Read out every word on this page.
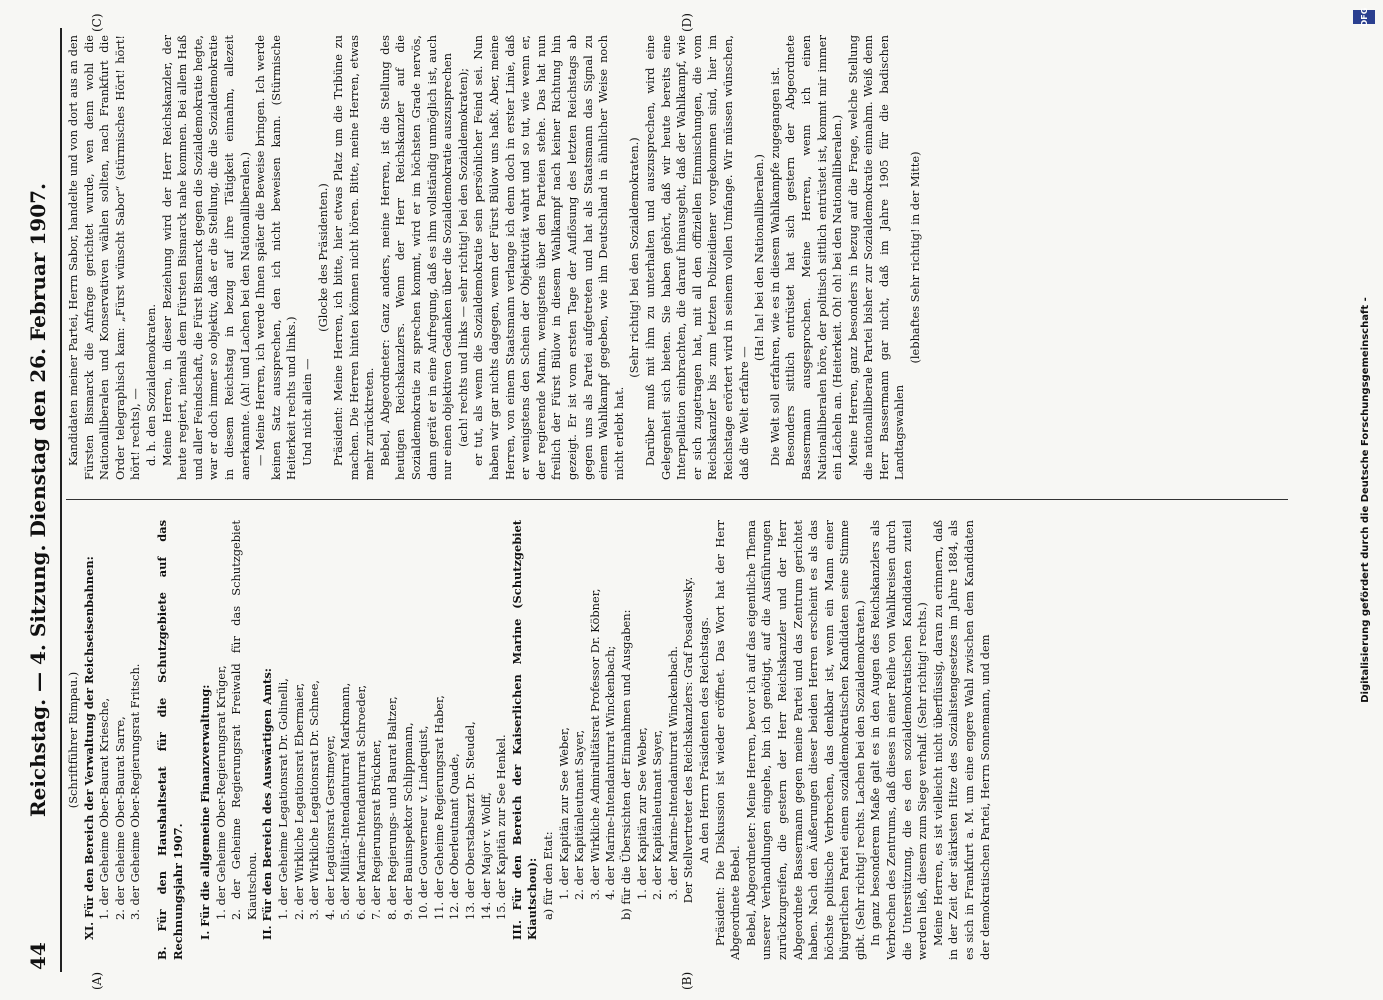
44
Reichstag. — 4. Sitzung. Dienstag den 26. Februar 1907.
(A)	(B)
(C)	(D)

(Schriftführer Rimpau.) XI. Für den Bereich der Verwaltung der Reichseisenbahnen: 1. der Geheime Ober-Baurat Kriesche, 2. der Geheime Ober-Baurat Sarre, 3. der Geheime Ober-Regierungsrat Fritsch. B. Für den Haushaltsetat für die Schutzgebiete auf das Rechnungsjahr 1907. I. Für die allgemeine Finanzverwaltung: 1. der Geheime Ober-Regierungsrat Krüger, 2. der Geheime Regierungsrat Freiwald für das Schutzgebiet Kiautschou. II. Für den Bereich des Auswärtigen Amts: 1. der Geheime Legationsrat Dr. Golinelli, 2. der Wirkliche Legationsrat Ebermaier, 3. der Wirkliche Legationsrat Dr. Schnee, 4. der Legationsrat Gerstmeyer, 5. der Militär-Intendanturrat Markmann, 6. der Marine-Intendanturrat Schroeder, 7. der Regierungsrat Brückner, 8. der Regierungs- und Baurat Baltzer, 9. der Bauinspektor Schlippmann, 10. der Gouverneur v. Lindequist, 11. der Geheime Regierungsrat Haber, 12. der Oberleutnant Quade, 13. der Oberstabsarzt Dr. Steudel, 14. der Major v. Wolff, 15. der Kapitän zur See Henkel. III. Für den Bereich der Kaiserlichen Marine (Schutzgebiet Kiautschou): a) für den Etat: 1. der Kapitän zur See Weber, 2. der Kapitänleutnant Sayer, 3. der Wirkliche Admiralitätsrat Professor Dr. Köbner, 4. der Marine-Intendanturrat Winckenbach; b) für die Übersichten der Einnahmen und Ausgaben: 1. der Kapitän zur See Weber, 2. der Kapitänleutnant Sayer, 3. der Marine-Intendanturrat Winckenbach. Der Stellvertreter des Reichskanzlers: Graf Posadowsky. An den Herrn Präsidenten des Reichstags. Präsident: Die Diskussion ist wieder eröffnet. Das Wort hat der Herr Abgeordnete Bebel. Bebel, Abgeordneter: Meine Herren, bevor ich auf das eigentliche Thema unserer Verhandlungen eingehe, bin ich genötigt, auf die Ausführungen zurückzugreifen, die gestern der Herr Reichskanzler und der Herr Abgeordnete Bassermann gegen meine Partei und das Zentrum gerichtet haben. Nach den Äußerungen dieser beiden Herren erscheint es als das höchste politische Verbrechen, das denkbar ist, wenn ein Mann einer bürgerlichen Partei einem sozialdemokratischen Kandidaten seine Stimme gibt. (Sehr richtig! rechts. Lachen bei den Sozialdemokraten.) In ganz besonderem Maße galt es in den Augen des Reichskanzlers als Verbrechen des Zentrums, daß dieses in einer Reihe von Wahlkreisen durch die Unterstützung, die es den sozialdemokratischen Kandidaten zuteil werden ließ, diesem zum Siege verhalf. (Sehr richtig! rechts.) Meine Herren, es ist vielleicht nicht überflüssig, daran zu erinnern, daß in der Zeit der stärksten Hitze des Sozialistengesetzes im Jahre 1884, als es sich in Frankfurt a. M. um eine engere Wahl zwischen dem Kandidaten der demokratischen Partei, Herrn Sonnemann, und dem

Kandidaten meiner Partei, Herrn Sabor, handelte und von dort aus an den Fürsten Bismarck die Anfrage gerichtet wurde, wen denn wohl die Nationalliberalen und Konservativen wählen sollten, nach Frankfurt die Order telegraphisch kam: „Fürst wünscht Sabor“ (stürmisches Hört! hört! hört! rechts), — d. h. den Sozialdemokraten. Meine Herren, in dieser Beziehung wird der Herr Reichskanzler, der heute regiert, niemals dem Fürsten Bismarck nahe kommen. Bei allem Haß und aller Feindschaft, die Fürst Bismarck gegen die Sozialdemokratie hegte, war er doch immer so objektiv, daß er die Stellung, die die Sozialdemokratie in diesem Reichstag in bezug auf ihre Tätigkeit einnahm, allezeit anerkannte. (Ah! und Lachen bei den Nationalliberalen.) — Meine Herren, ich werde Ihnen später die Beweise bringen. Ich werde keinen Satz aussprechen, den ich nicht beweisen kann. (Stürmische Heiterkeit rechts und links.) Und nicht allein —

(Glocke des Präsidenten.) Präsident: Meine Herren, ich bitte, hier etwas Platz um die Tribüne zu machen. Die Herren hinten können nicht hören. Bitte, meine Herren, etwas mehr zurücktreten. Bebel, Abgeordneter: Ganz anders, meine Herren, ist die Stellung des heutigen Reichskanzlers. Wenn der Herr Reichskanzler auf die Sozialdemokratie zu sprechen kommt, wird er im höchsten Grade nervös, dann gerät er in eine Aufregung, daß es ihm vollständig unmöglich ist, auch nur einen objektiven Gedanken über die Sozialdemokratie auszusprechen (ach! rechts und links — sehr richtig! bei den Sozialdemokraten); er tut, als wenn die Sozialdemokratie sein persönlicher Feind sei. Nun haben wir gar nichts dagegen, wenn der Fürst Bülow uns haßt. Aber, meine Herren, von einem Staatsmann verlange ich denn doch in erster Linie, daß er wenigstens den Schein der Objektivität wahrt und so tut, wie wenn er, der regierende Mann, wenigstens über den Parteien stehe. Das hat nun freilich der Fürst Bülow in diesem Wahlkampf nach keiner Richtung hin gezeigt. Er ist vom ersten Tage der Auflösung des letzten Reichstags ab gegen uns als Partei aufgetreten und hat als Staatsmann das Signal zu einem Wahlkampf gegeben, wie ihn Deutschland in ähnlicher Weise noch nicht erlebt hat.

(Sehr richtig! bei den Sozialdemokraten.) Darüber muß mit ihm zu unterhalten und auszusprechen, wird eine Gelegenheit sich bieten. Sie haben gehört, daß wir heute bereits eine Interpellation einbrachten, die darauf hinausgeht, daß der Wahlkampf, wie er sich zugetragen hat, mit all den offiziellen Einmischungen, die vom Reichskanzler bis zum letzten Polizeidiener vorgekommen sind, hier im Reichstage erörtert wird in seinem vollen Umfange. Wir müssen wünschen, daß die Welt erfahre —

(Ha! ha! bei den Nationalliberalen.) Die Welt soll erfahren, wie es in diesem Wahlkampfe zugegangen ist. Besonders sittlich entrüstet hat sich gestern der Abgeordnete Bassermann ausgesprochen. Meine Herren, wenn ich einen Nationalliberalen höre, der politisch sittlich entrüstet ist, kommt mir immer ein Lächeln an. (Heiterkeit. Oh! oh! bei den Nationalliberalen.) Meine Herren, ganz besonders in bezug auf die Frage, welche Stellung die nationalliberale Partei bisher zur Sozialdemokratie einnahm. Weiß denn Herr Bassermann gar nicht, daß im Jahre 1905 für die badischen Landtagswahlen

(lebhaftes Sehr richtig! in der Mitte)

Digitalisierung gefördert durch die Deutsche Forschungsgemeinschaft -
DFG
